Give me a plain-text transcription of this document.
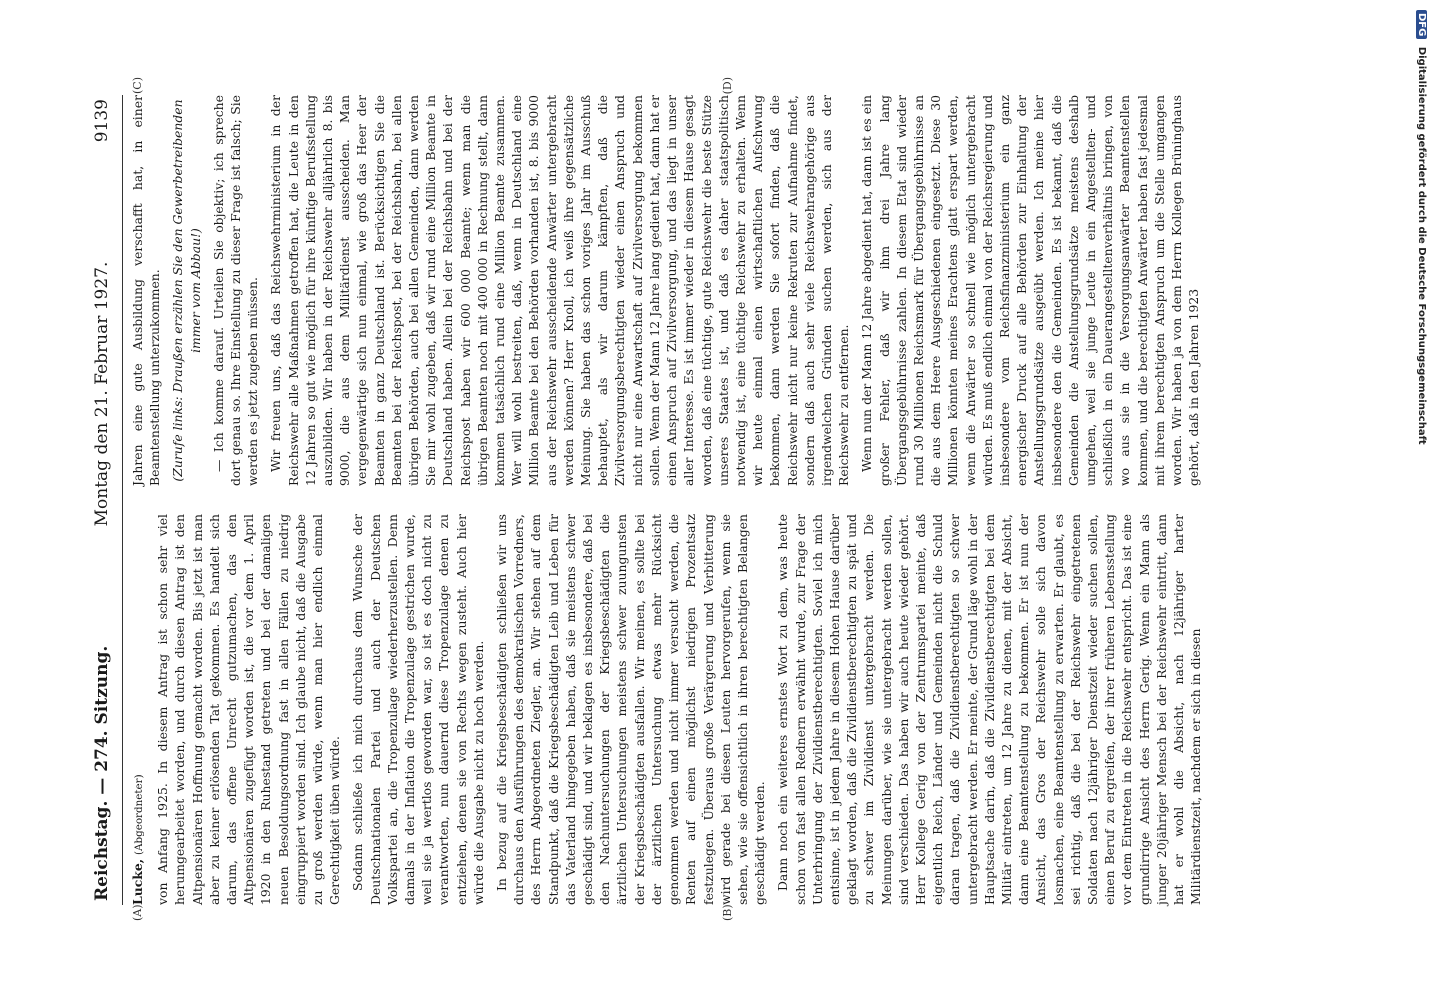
Reichstag. — 274. Sitzung.
Montag den 21. Februar 1927.
9139
(A)	(B)

Lucke, (Abgeordneter) von Anfang 1925. In diesem Antrag ist schon sehr viel herumgearbeitet worden, und durch diesen Antrag ist den Altpensionären Hoffnung gemacht worden. Bis jetzt ist man aber zu keiner erlösenden Tat gekommen. Es handelt sich darum, das offene Unrecht gutzumachen, das den Altpensionären zugefügt worden ist, die vor dem 1. April 1920 in den Ruhestand getreten und bei der damaligen neuen Besoldungsordnung fast in allen Fällen zu niedrig eingruppiert worden sind. Ich glaube nicht, daß die Ausgabe zu groß werden würde, wenn man hier endlich einmal Gerechtigkeit üben würde. Sodann schließe ich mich durchaus dem Wunsche der Deutschnationalen Partei und auch der Deutschen Volkspartei an, die Tropenzulage wiederherzustellen. Denn damals in der Inflation die Tropenzulage gestrichen wurde, weil sie ja wertlos geworden war, so ist es doch nicht zu verantworten, nun dauernd diese Tropenzulage denen zu entziehen, denen sie von Rechts wegen zusteht. Auch hier würde die Ausgabe nicht zu hoch werden. In bezug auf die Kriegsbeschädigten schließen wir uns durchaus den Ausführungen des demokratischen Vorredners, des Herrn Abgeordneten Ziegler, an. Wir stehen auf dem Standpunkt, daß die Kriegsbeschädigten Leib und Leben für das Vaterland hingegeben haben, daß sie meistens schwer geschädigt sind, und wir beklagen es insbesondere, daß bei den Nachuntersuchungen der Kriegsbeschädigten die ärztlichen Untersuchungen meistens schwer zuungunsten der Kriegsbeschädigten ausfallen. Wir meinen, es sollte bei der ärztlichen Untersuchung etwas mehr Rücksicht genommen werden und nicht immer versucht werden, die Renten auf einen möglichst niedrigen Prozentsatz festzulegen. Überaus große Verärgerung und Verbitterung wird gerade bei diesen Leuten hervorgerufen, wenn sie sehen, wie sie offensichtlich in ihren berechtigten Belangen geschädigt werden. Dann noch ein weiteres ernstes Wort zu dem, was heute schon von fast allen Rednern erwähnt wurde, zur Frage der Unterbringung der Zivildienstberechtigten. Soviel ich mich entsinne, ist in jedem Jahre in diesem Hohen Hause darüber geklagt worden, daß die Zivildienstberechtigten zu spät und zu schwer im Zivildienst untergebracht werden. Die Meinungen darüber, wie sie untergebracht werden sollen, sind verschieden. Das haben wir auch heute wieder gehört. Herr Kollege Gerig von der Zentrumspartei meinte, daß eigentlich Reich, Länder und Gemeinden nicht die Schuld daran tragen, daß die Zivildienstberechtigten so schwer untergebracht werden. Er meinte, der Grund läge wohl in der Hauptsache darin, daß die Zivildienstberechtigten bei dem Militär eintreten, um 12 Jahre zu dienen, mit der Absicht, dann eine Beamtenstellung zu bekommen. Er ist nun der Ansicht, das Gros der Reichswehr solle sich davon losmachen, eine Beamtenstellung zu erwarten. Er glaubt, es sei richtig, daß die bei der Reichswehr eingetretenen Soldaten nach 12jähriger Dienstzeit wieder suchen sollen, einen Beruf zu ergreifen, der ihrer früheren Lebensstellung vor dem Eintreten in die Reichswehr entspricht. Das ist eine grundirrige Ansicht des Herrn Gerig. Wenn ein Mann als junger 20jähriger Mensch bei der Reichswehr eintritt, dann hat er wohl die Absicht, nach 12jähriger harter Militärdienstzeit, nachdem er sich in diesen

(C)	(D)

Jahren eine gute Ausbildung verschafft hat, in einer Beamtenstellung unterzukommen. (Zurufe links: Draußen erzählen Sie den Gewerbetreibenden immer vom Abbau!) — Ich komme darauf. Urteilen Sie objektiv; ich spreche dort genau so. Ihre Einstellung zu dieser Frage ist falsch; Sie werden es jetzt zugeben müssen. Wir freuen uns, daß das Reichswehrministerium in der Reichswehr alle Maßnahmen getroffen hat, die Leute in den 12 Jahren so gut wie möglich für ihre künftige Berufsstellung auszubilden. Wir haben in der Reichswehr alljährlich 8. bis 9000, die aus dem Militärdienst ausscheiden. Man vergegenwärtige sich nun einmal, wie groß das Heer der Beamten in ganz Deutschland ist. Berücksichtigen Sie die Beamten bei der Reichspost, bei der Reichsbahn, bei allen übrigen Behörden, auch bei allen Gemeinden, dann werden Sie mir wohl zugeben, daß wir rund eine Million Beamte in Deutschland haben. Allein bei der Reichsbahn und bei der Reichspost haben wir 600 000 Beamte; wenn man die übrigen Beamten noch mit 400 000 in Rechnung stellt, dann kommen tatsächlich rund eine Million Beamte zusammen. Wer will wohl bestreiten, daß, wenn in Deutschland eine Million Beamte bei den Behörden vorhanden ist, 8. bis 9000 aus der Reichswehr ausscheidende Anwärter untergebracht werden können? Herr Knoll, ich weiß ihre gegensätzliche Meinung. Sie haben das schon voriges Jahr im Ausschuß behauptet, als wir darum kämpften, daß die Zivilversorgungsberechtigten wieder einen Anspruch und nicht nur eine Anwartschaft auf Zivilversorgung bekommen sollen. Wenn der Mann 12 Jahre lang gedient hat, dann hat er einen Anspruch auf Zivilversorgung, und das liegt in unser aller Interesse. Es ist immer wieder in diesem Hause gesagt worden, daß eine tüchtige, gute Reichswehr die beste Stütze unseres Staates ist, und daß es daher staatspolitisch notwendig ist, eine tüchtige Reichswehr zu erhalten. Wenn wir heute einmal einen wirtschaftlichen Aufschwung bekommen, dann werden Sie sofort finden, daß die Reichswehr nicht nur keine Rekruten zur Aufnahme findet, sondern daß auch sehr viele Reichswehrangehörige aus irgendwelchen Gründen suchen werden, sich aus der Reichswehr zu entfernen. Wenn nun der Mann 12 Jahre abgedient hat, dann ist es ein großer Fehler, daß wir ihm drei Jahre lang Übergangsgebührnisse zahlen. In diesem Etat sind wieder rund 30 Millionen Reichsmark für Übergangsgebührnisse an die aus dem Heere Ausgeschiedenen eingesetzt. Diese 30 Millionen könnten meines Erachtens glatt erspart werden, wenn die Anwärter so schnell wie möglich untergebracht würden. Es muß endlich einmal von der Reichsregierung und insbesondere vom Reichsfinanzministerium ein ganz energischer Druck auf alle Behörden zur Einhaltung der Anstellungsgrundsätze ausgeübt werden. Ich meine hier insbesondere den die Gemeinden. Es ist bekannt, daß die Gemeinden die Anstellungsgrundsätze meistens deshalb umgehen, weil sie junge Leute in ein Angestellten- und schließlich in ein Dauerangestelltenverhältnis bringen, von wo aus sie in die Versorgungsanwärter Beamtenstellen kommen, und die berechtigten Anwärter haben fast jedesmal mit ihrem berechtigten Anspruch um die Stelle umgangen worden. Wir haben ja von dem Herrn Kollegen Brüninghaus gehört, daß in den Jahren 1923

DFG Digitalisierung gefördert durch die Deutsche Forschungsgemeinschaft
